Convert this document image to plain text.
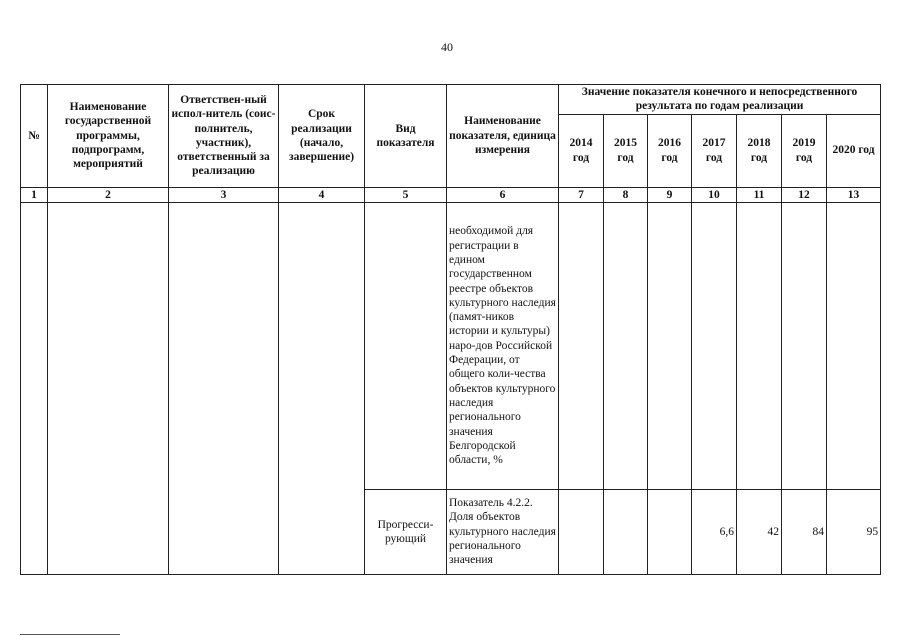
40
№	Наименование государственной программы, подпрограмм, мероприятий	Ответствен-ный испол-нитель (соис-полнитель, участник), ответственный за реализацию	Срок реализации (начало, завершение)	Вид показателя	Наименование показателя, единица измерения	Значение показателя конечного и непосредственного результата по годам реализации						
						2014 год	2015 год	2016 год	2017 год	2018 год	2019 год	2020 год
1	2	3	4	5	6	7	8	9	10	11	12	13
					необходимой для регистрации в едином государственном реестре объектов культурного наследия (памят-ников истории и культуры) наро-дов Российской Федерации, от общего коли-чества объектов культурного наследия регионального значения Белгородской области, %							
				Прогресси-рующий	Показатель 4.2.2. Доля объектов культурного наследия регионального значения				6,6	42	84	95
